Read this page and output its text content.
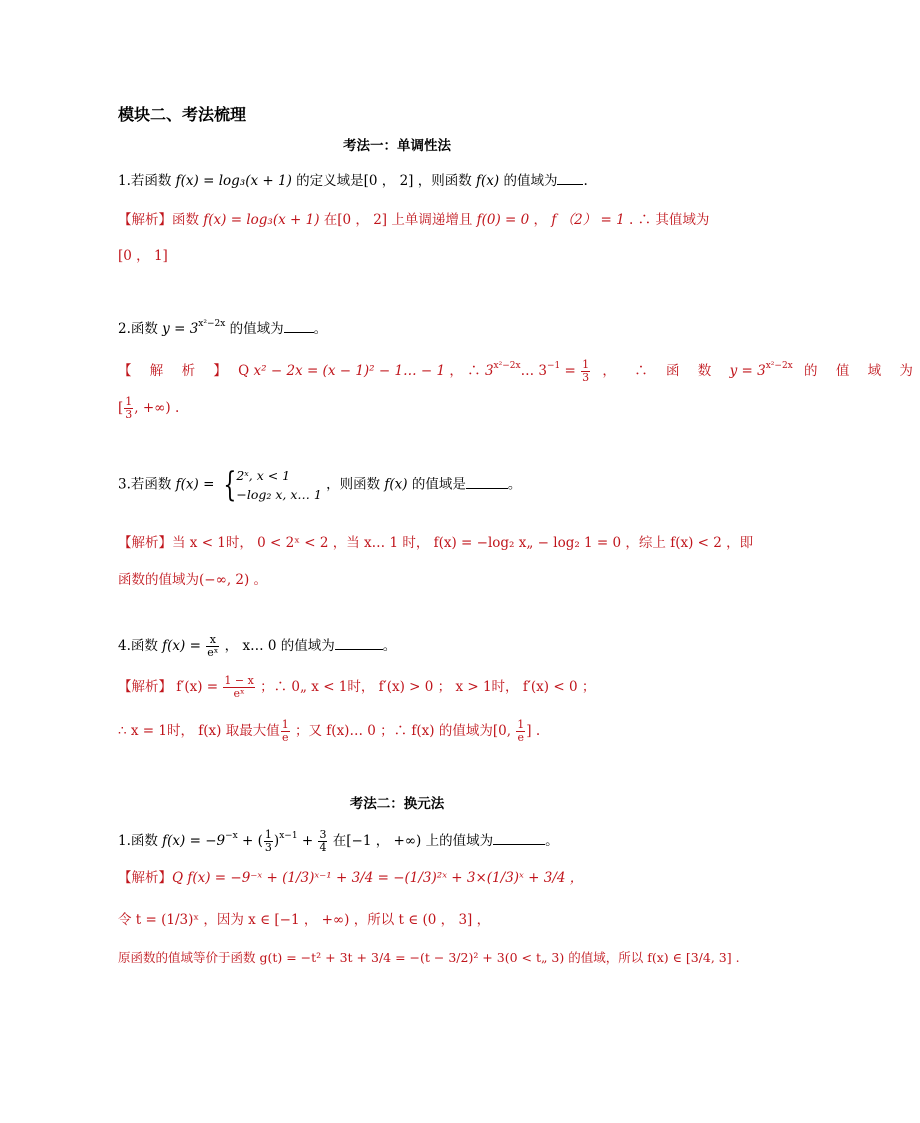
模块二、考法梳理
考法一：单调性法
1.若函数 f(x) = log₃(x + 1) 的定义域是[0 ， 2] ，则函数 f(x) 的值域为 .
【解析】函数 f(x) = log₃(x + 1) 在[0 ， 2] 上单调递增且 f(0) = 0 ， f （2） = 1 . ∴ 其值域为
[0 ， 1]
2.函数 $y = 3^{x^2-2x}$ 的值域为 。
【 解 析 】 Q x² − 2x = (x − 1)² − 1… − 1 ， ∴ $3^{x^2-2x}\dots$ $3^{-1} = \frac{1}{3}$ ， ∴ 函 数 $y = 3^{x^2-2x}$ 的 值 域 为
[ $\frac{1}{3}$ , +∞) .
3.若函数 f(x) = { 2ˣ, x < 1
−log₂ x, x… 1
，则函数 f(x) 的值域是	。
【解析】当 x < 1时， 0 < 2ˣ < 2 ，当 x… 1 时， f(x) = −log₂ x„ − log₂ 1 = 0 ，综上 f(x) < 2 ，即
函数的值域为(−∞, 2) 。
4.函数 $f(x) = \frac{x}{\text{eˣ}}$ ， x… 0 的值域为	。
【解析】 $f'(x) = \frac{1 - x}{\text{eˣ}}$ ；∴ 0„ x < 1时， f′(x) > 0 ； x > 1时， f′(x) < 0 ；
∴ x = 1时， f(x) 取最大值 $\frac{1}{e}$ ；又 f(x)… 0 ；∴ f(x) 的值域为[0, $\frac{1}{e}$ ] .
考法二：换元法
1.函数 $f(x) = -9^{-x}$ + ( $\frac{1}{3} )^{x-1} + \frac{3}{4}$ 在[−1 ， +∞) 上的值域为	。
【解析】Q f(x) = −9⁻ˣ + (1/3)ˣ⁻¹ + 3/4 = −(1/3)²ˣ + 3×(1/3)ˣ + 3/4 ，
令 t = (1/3)ˣ ，因为 x ∈ [−1 ， +∞) ，所以 t ∈ (0 ， 3] ，
原函数的值域等价于函数 g(t) = −t² + 3t + 3/4 = −(t − 3/2)² + 3(0 < t„ 3) 的值域，所以 f(x) ∈ [3/4, 3] .
